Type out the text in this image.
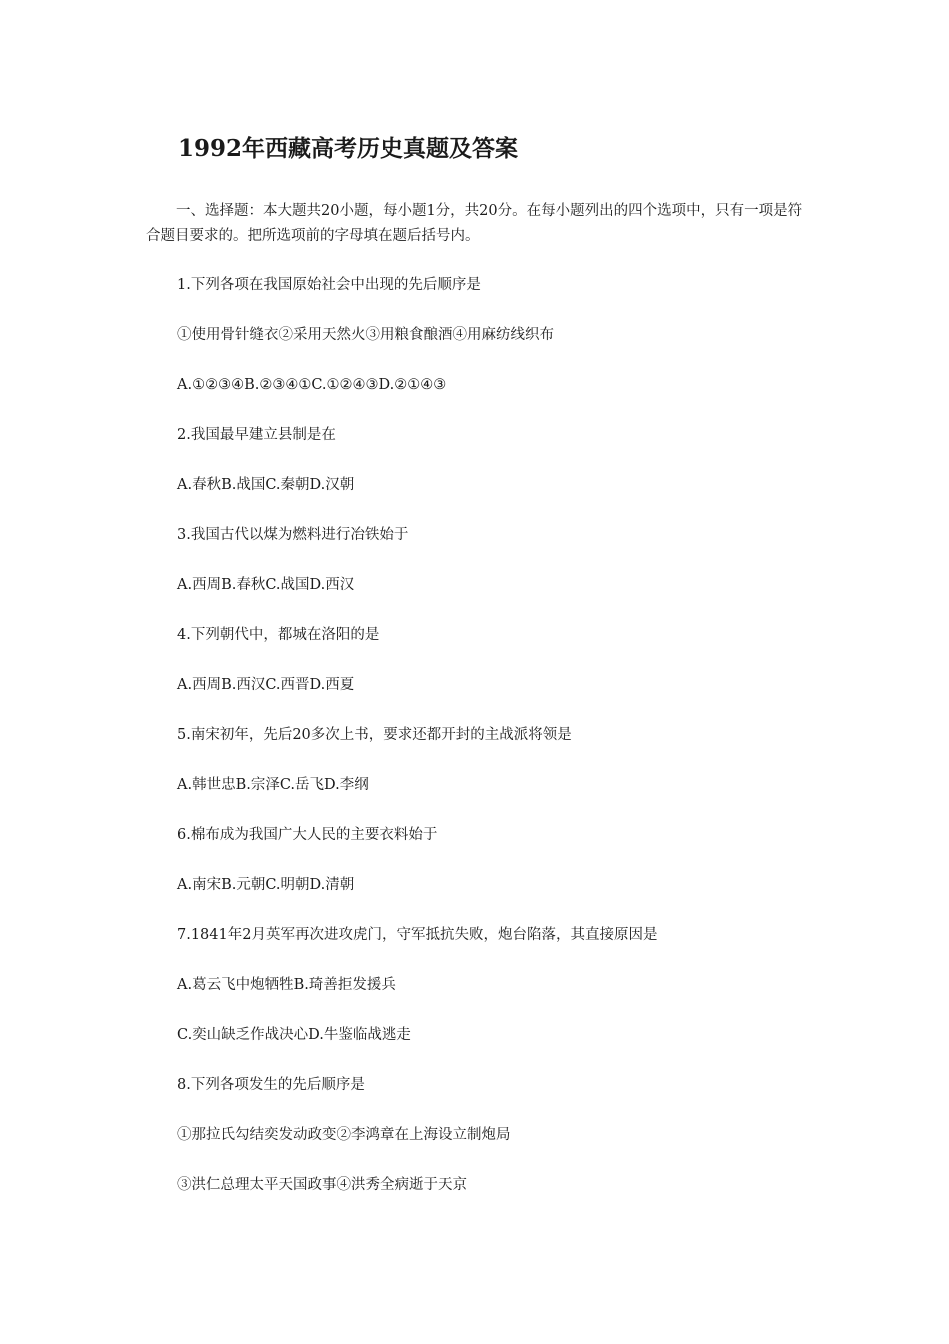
1992年西藏高考历史真题及答案
一、选择题：本大题共20小题，每小题1分，共20分。在每小题列出的四个选项中，只有一项是符合题目要求的。把所选项前的字母填在题后括号内。
1.下列各项在我国原始社会中出现的先后顺序是
①使用骨针缝衣②采用天然火③用粮食酿酒④用麻纺线织布
A.①②③④B.②③④①C.①②④③D.②①④③
2.我国最早建立县制是在
A.春秋B.战国C.秦朝D.汉朝
3.我国古代以煤为燃料进行冶铁始于
A.西周B.春秋C.战国D.西汉
4.下列朝代中，都城在洛阳的是
A.西周B.西汉C.西晋D.西夏
5.南宋初年，先后20多次上书，要求还都开封的主战派将领是
A.韩世忠B.宗泽C.岳飞D.李纲
6.棉布成为我国广大人民的主要衣料始于
A.南宋B.元朝C.明朝D.清朝
7.1841年2月英军再次进攻虎门，守军抵抗失败，炮台陷落，其直接原因是
A.葛云飞中炮牺牲B.琦善拒发援兵
C.奕山缺乏作战决心D.牛鉴临战逃走
8.下列各项发生的先后顺序是
①那拉氏勾结奕发动政变②李鸿章在上海设立制炮局
③洪仁总理太平天国政事④洪秀全病逝于天京
